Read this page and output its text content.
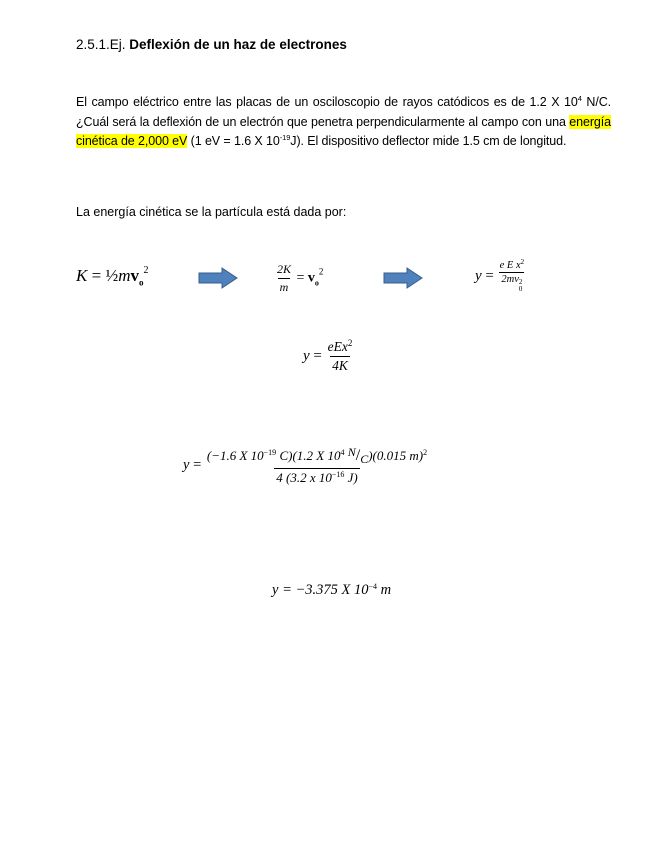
2.5.1.Ej. Deflexión de un haz de electrones
El campo eléctrico entre las placas de un osciloscopio de rayos catódicos es de 1.2 X $10^4$ N/C. ¿Cuál será la deflexión de un electrón que penetra perpendicularmente al campo con una energía cinética de 2,000 eV (1 eV = 1.6 X $10^{-19}J$). El dispositivo deflector mide 1.5 cm de longitud.
La energía cinética se la partícula está dada por:
$K = \frac{1}{2}mv_o^2$	$\frac{2K}{m} = v_o^2$	y = e E $x^2$
2mv 2
0
$y = \frac{eEx^2}{4K}$
$y = \frac{(-1.6 X 10^{-19} C)(1.2 X 10^4 N/C)(0.015 m)^2}{4 (3.2 x 10^{-16} J)}$
y = −3.375 X $10^{-4}$ m
